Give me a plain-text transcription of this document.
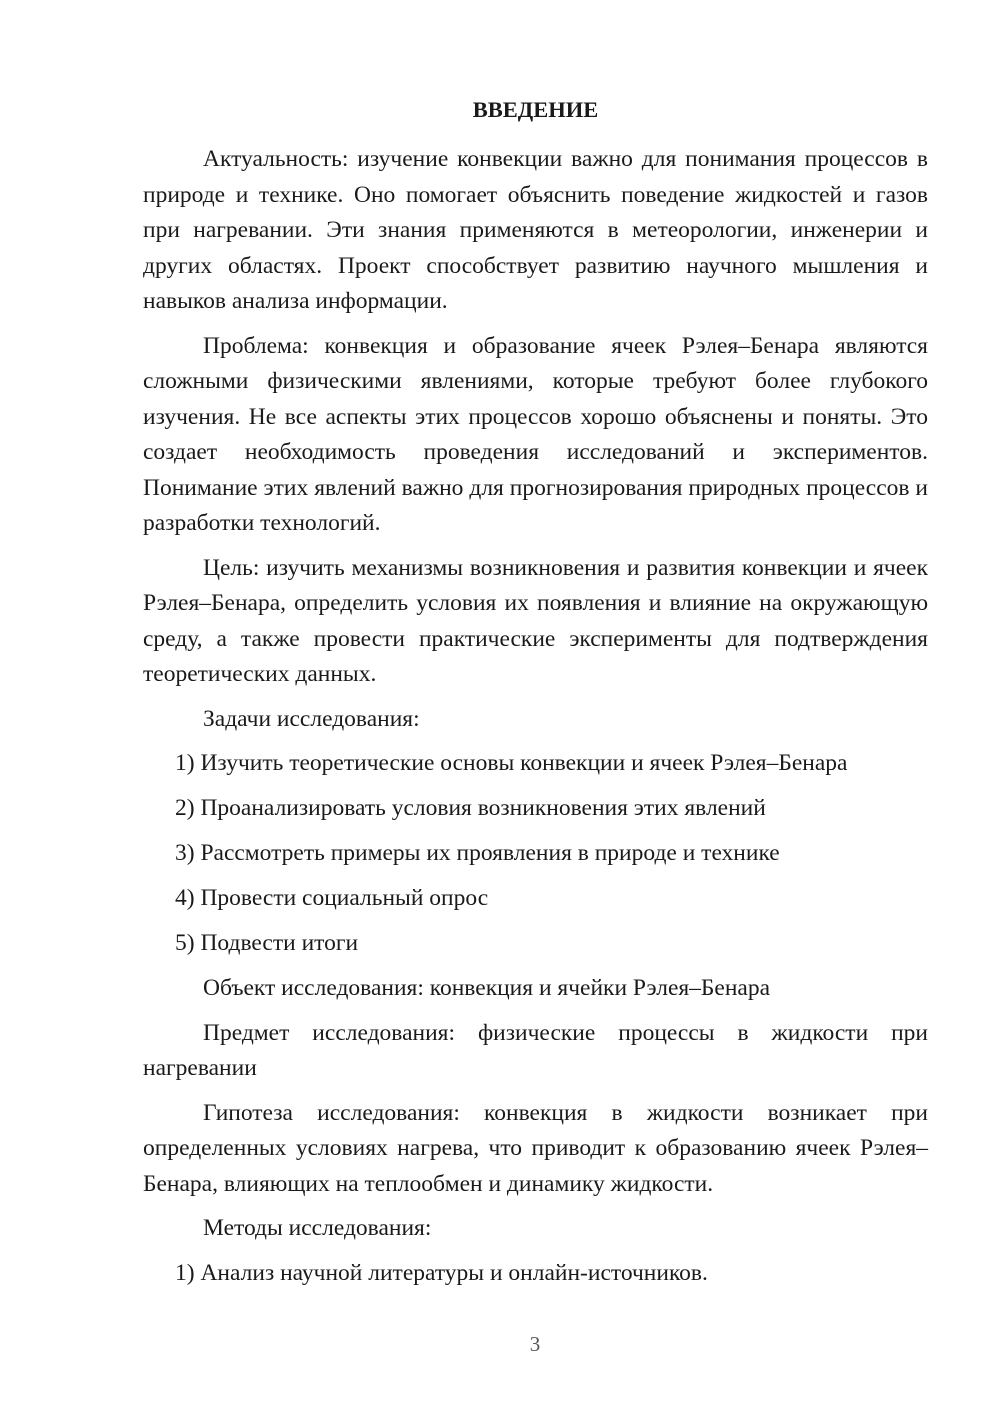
ВВЕДЕНИЕ

Актуальность: изучение конвекции важно для понимания процессов в природе и технике. Оно помогает объяснить поведение жидкостей и газов при нагревании. Эти знания применяются в метеорологии, инженерии и других областях. Проект способствует развитию научного мышления и навыков анализа информации.

Проблема: конвекция и образование ячеек Рэлея–Бенара являются сложными физическими явлениями, которые требуют более глубокого изучения. Не все аспекты этих процессов хорошо объяснены и поняты. Это создает необходимость проведения исследований и экспериментов. Понимание этих явлений важно для прогнозирования природных процессов и разработки технологий.

Цель: изучить механизмы возникновения и развития конвекции и ячеек Рэлея–Бенара, определить условия их появления и влияние на окружающую среду, а также провести практические эксперименты для подтверждения теоретических данных.

Задачи исследования:

1) Изучить теоретические основы конвекции и ячеек Рэлея–Бенара
2) Проанализировать условия возникновения этих явлений
3) Рассмотреть примеры их проявления в природе и технике
4) Провести социальный опрос
5) Подвести итоги

Объект исследования: конвекция и ячейки Рэлея–Бенара

Предмет исследования: физические процессы в жидкости при нагревании

Гипотеза исследования: конвекция в жидкости возникает при определенных условиях нагрева, что приводит к образованию ячеек Рэлея–Бенара, влияющих на теплообмен и динамику жидкости.

Методы исследования:

1) Анализ научной литературы и онлайн-источников.
3
